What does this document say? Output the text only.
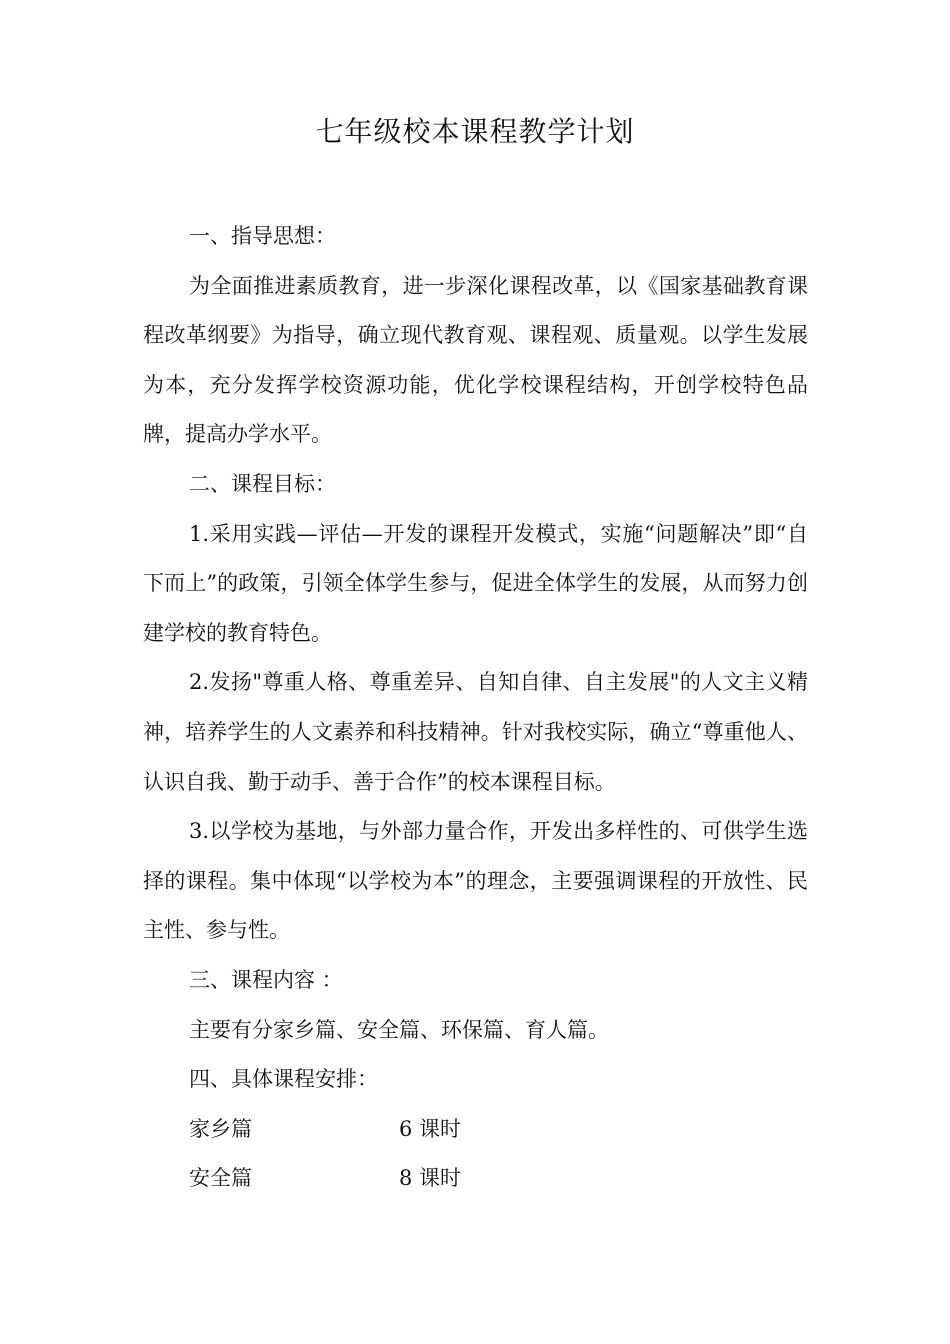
七年级校本课程教学计划

一、指导思想：

为全面推进素质教育，进一步深化课程改革，以《国家基础教育课程改革纲要》为指导，确立现代教育观、课程观、质量观。以学生发展为本，充分发挥学校资源功能，优化学校课程结构，开创学校特色品牌，提高办学水平。

二、课程目标：

1.采用实践—评估—开发的课程开发模式，实施“问题解决”即“自下而上”的政策，引领全体学生参与，促进全体学生的发展，从而努力创建学校的教育特色。

2.发扬"尊重人格、尊重差异、自知自律、自主发展"的人文主义精神，培养学生的人文素养和科技精神。针对我校实际，确立“尊重他人、认识自我、勤于动手、善于合作”的校本课程目标。

3.以学校为基地，与外部力量合作，开发出多样性的、可供学生选择的课程。集中体现“以学校为本”的理念，主要强调课程的开放性、民主性、参与性。

三、课程内容 ：

主要有分家乡篇、安全篇、环保篇、育人篇。

四、具体课程安排：

家乡篇	6 课时
安全篇	8 课时
